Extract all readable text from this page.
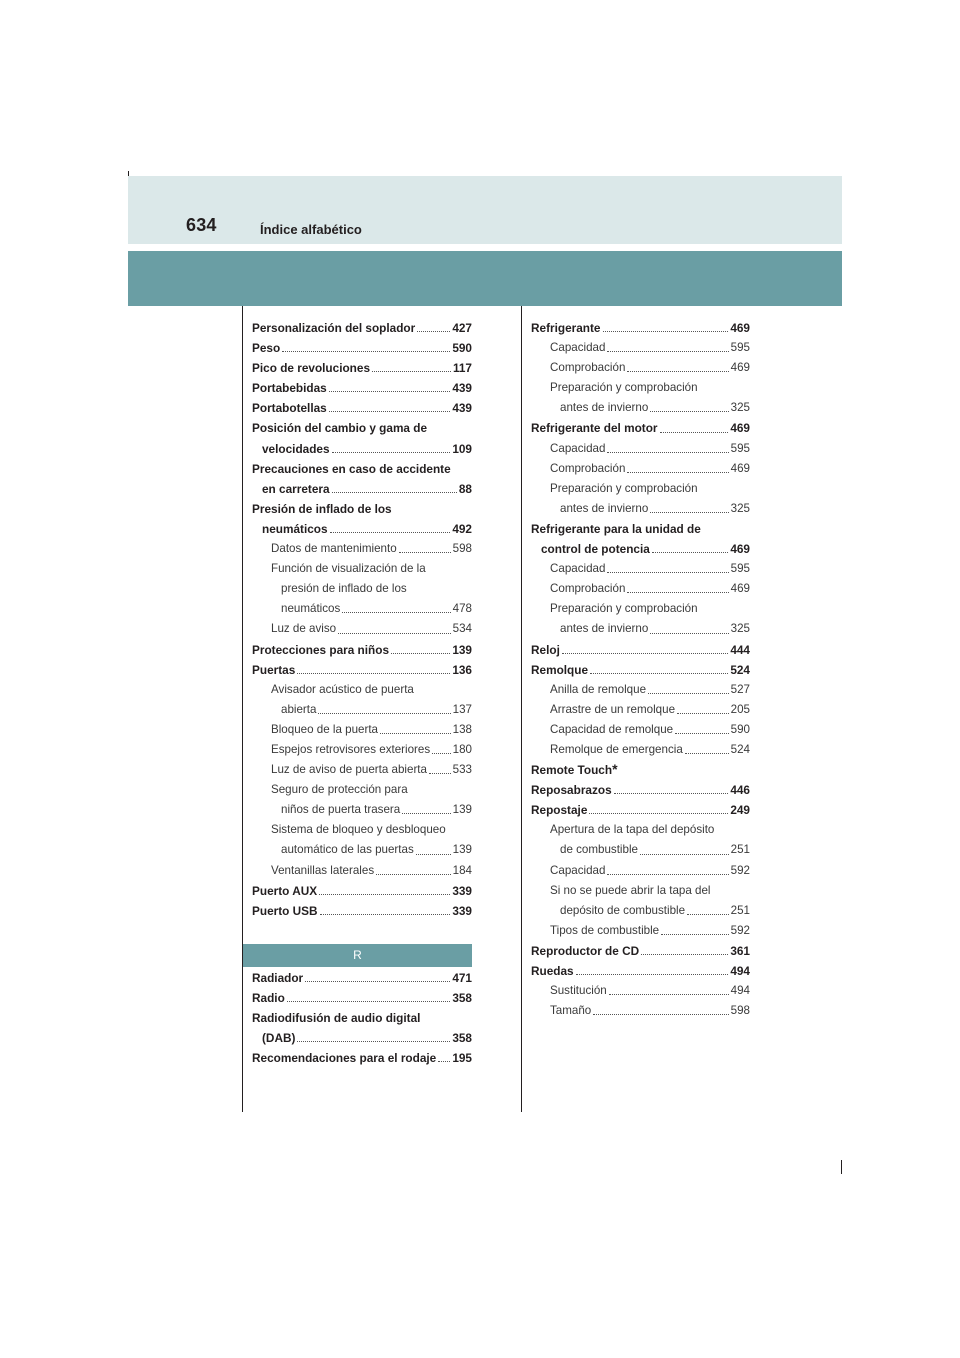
634	Índice alfabético
Personalización del soplador	427
Peso	590
Pico de revoluciones	117
Portabebidas	439
Portabotellas	439
Posición del cambio y gama de
velocidades	109
Precauciones en caso de accidente
en carretera	88
Presión de inflado de los
neumáticos	492
Datos de mantenimiento	598
Función de visualización de la
presión de inflado de los
neumáticos	478
Luz de aviso	534
Protecciones para niños	139
Puertas	136
Avisador acústico de puerta
abierta	137
Bloqueo de la puerta	138
Espejos retrovisores exteriores 180
Luz de aviso de puerta abierta 533
Seguro de protección para
niños de puerta trasera	139
Sistema de bloqueo y desbloqueo
automático de las puertas	139
Ventanillas laterales	184
Puerto AUX	339
Puerto USB	339
R
Radiador	471
Radio	358
Radiodifusión de audio digital
(DAB)	358
Recomendaciones para el rodaje 195
Refrigerante	469
Capacidad	595
Comprobación	469
Preparación y comprobación
antes de invierno	325
Refrigerante del motor	469
Capacidad	595
Comprobación	469
Preparación y comprobación
antes de invierno	325
Refrigerante para la unidad de
control de potencia	469
Capacidad	595
Comprobación	469
Preparación y comprobación
antes de invierno	325
Reloj	444
Remolque	524
Anilla de remolque	527
Arrastre de un remolque	205
Capacidad de remolque	590
Remolque de emergencia	524
Remote Touch *
Reposabrazos	446
Repostaje	249
Apertura de la tapa del depósito
de combustible	251
Capacidad	592
Si no se puede abrir la tapa del
depósito de combustible	251
Tipos de combustible	592
Reproductor de CD	361
Ruedas	494
Sustitución	494
Tamaño	598
